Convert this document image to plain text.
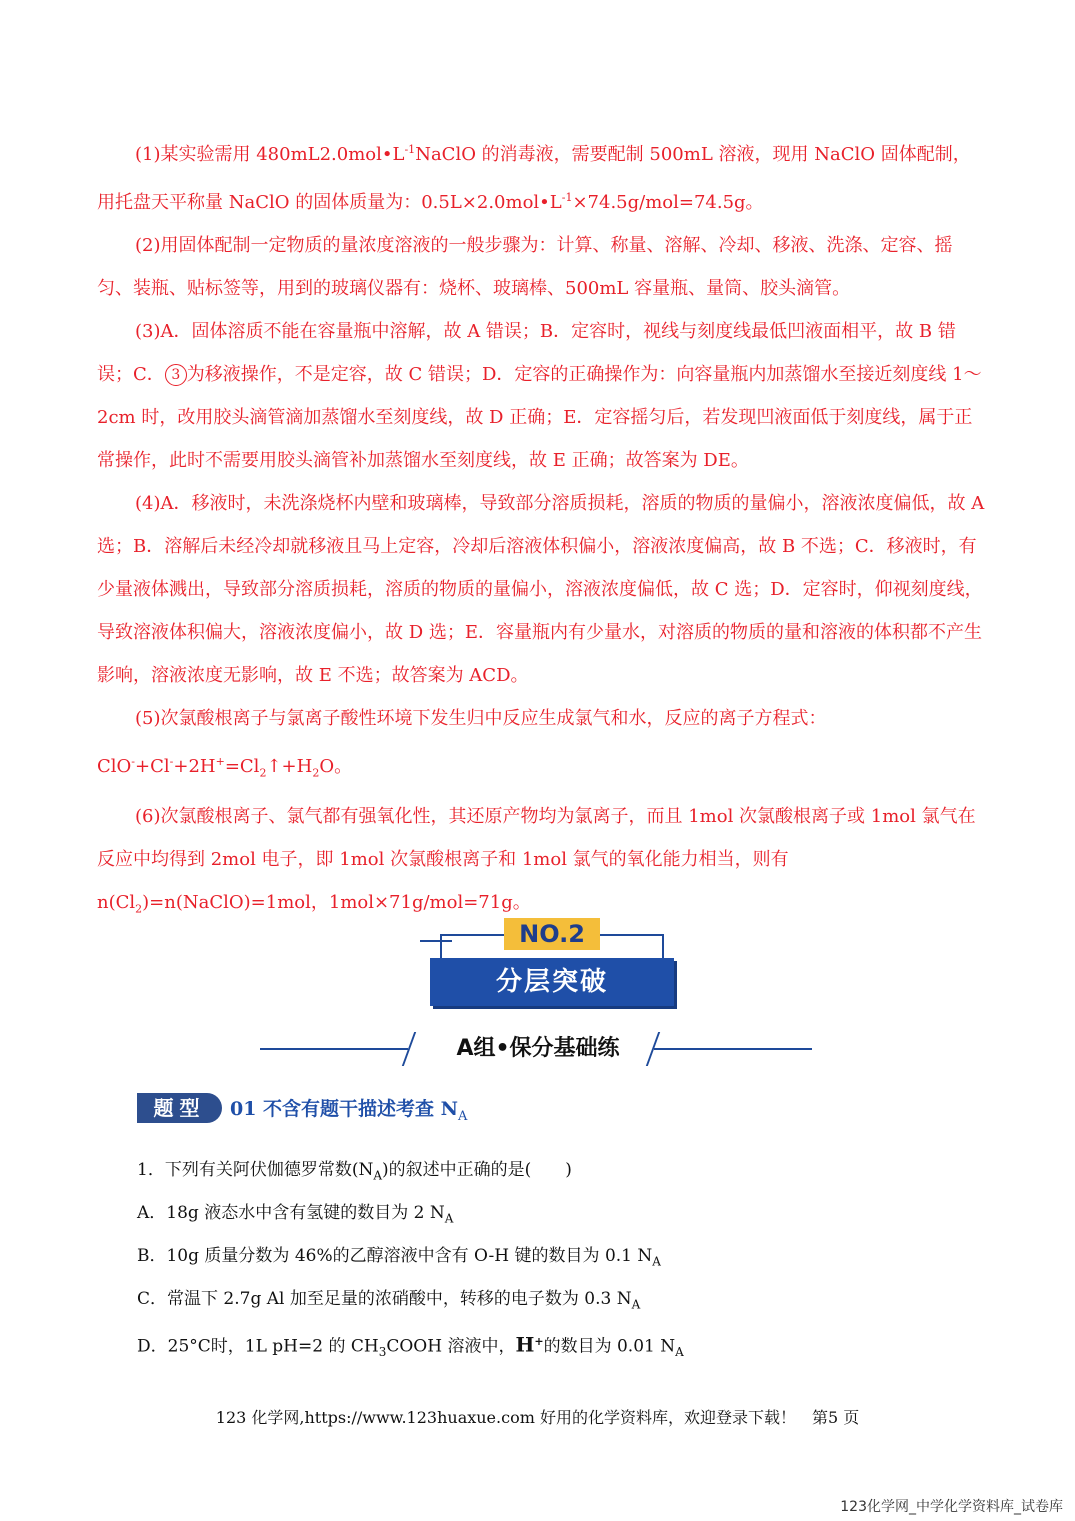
(1)某实验需用 $480mL2.0mol•L^{-1}NaClO$ 的消毒液，需要配制 500mL 溶液，现用 NaClO 固体配制，用托盘天平称量 NaClO 的固体质量为：$0.5L\times 2.0mol•L^{-1}\times 74.5g/mol=74.5g$。

(2)用固体配制一定物质的量浓度溶液的一般步骤为：计算、称量、溶解、冷却、移液、洗涤、定容、摇匀、装瓶、贴标签等，用到的玻璃仪器有：烧杯、玻璃棒、500mL 容量瓶、量筒、胶头滴管。

(3)A．固体溶质不能在容量瓶中溶解，故 A 错误；B．定容时，视线与刻度线最低凹液面相平，故 B 错误；C． 3 为移液操作，不是定容，故 C 错误；D．定容的正确操作为：向容量瓶内加蒸馏水至接近刻度线 1～2cm 时，改用胶头滴管滴加蒸馏水至刻度线，故 D 正确；E．定容摇匀后，若发现凹液面低于刻度线，属于正常操作，此时不需要用胶头滴管补加蒸馏水至刻度线，故 E 正确；故答案为 DE。

(4)A．移液时，未洗涤烧杯内壁和玻璃棒，导致部分溶质损耗，溶质的物质的量偏小，溶液浓度偏低，故 A 选；B．溶解后未经冷却就移液且马上定容，冷却后溶液体积偏小，溶液浓度偏高，故 B 不选；C．移液时，有少量液体溅出，导致部分溶质损耗，溶质的物质的量偏小，溶液浓度偏低，故 C 选；D．定容时，仰视刻度线，导致溶液体积偏大，溶液浓度偏小，故 D 选；E．容量瓶内有少量水，对溶质的物质的量和溶液的体积都不产生影响，溶液浓度无影响，故 E 不选；故答案为 ACD。

(5)次氯酸根离子与氯离子酸性环境下发生归中反应生成氯气和水，反应的离子方程式：

$ClO^-+Cl^-+2H^+=Cl_2↑+H_2O$。

(6)次氯酸根离子、氯气都有强氧化性，其还原产物均为氯离子，而且 1mol 次氯酸根离子或 1mol 氯气在反应中均得到 2mol 电子，即 1mol 次氯酸根离子和 1mol 氯气的氧化能力相当，则有

$n(Cl_2)=n(NaClO)=1mol$，1mol×71g/mol=71g。

NO.2
分层突破
A组•保分基础练
题型	01 不含有题干描述考查 $N_A$
1．下列有关阿伏伽德罗常数$(N_A)$的叙述中正确的是(　　)
A．18g 液态水中含有氢键的数目为 2 $N_A$
B．10g 质量分数为 46%的乙醇溶液中含有 O-H 键的数目为 0.1 $N_A$
C．常温下 2.7g Al 加至足量的浓硝酸中，转移的电子数为 0.3 $N_A$
D．25°C时，1L pH=2 的 $CH_3COOH$ 溶液中，H+的数目为 0.01 $N_A$
123 化学网,https://www.123huaxue.com 好用的化学资料库，欢迎登录下载！　第5 页
123化学网_中学化学资料库_试卷库
